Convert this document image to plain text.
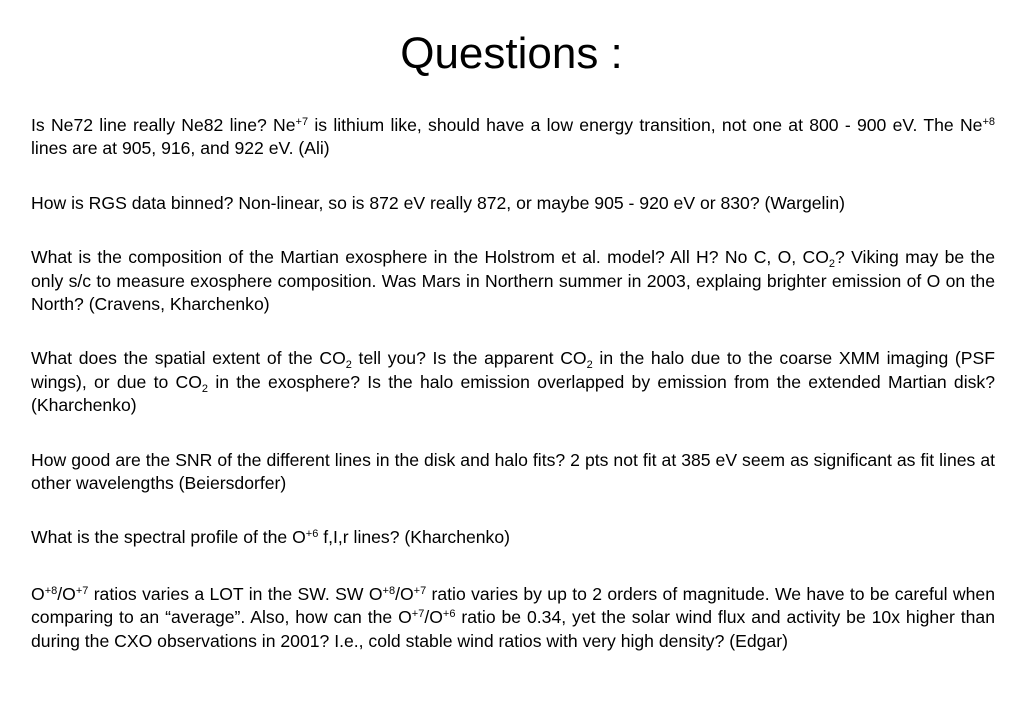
Questions :

Is Ne72 line really Ne82 line? $Ne^{+7}$ is lithium like, should have a low energy transition, not one at 800 - 900 eV. The $Ne^{+8}$ lines are at 905, 916, and 922 eV. (Ali)

How is RGS data binned? Non-linear, so is 872 eV really 872, or maybe 905 - 920 eV or 830? (Wargelin)

What is the composition of the Martian exosphere in the Holstrom et al. model? All H? No C, O, $CO_2$? Viking may be the only s/c to measure exosphere composition. Was Mars in Northern summer in 2003, explaing brighter emission of O on the North? (Cravens, Kharchenko)

What does the spatial extent of the $CO_2$ tell you? Is the apparent $CO_2$ in the halo due to the coarse XMM imaging (PSF wings), or due to $CO_2$ in the exosphere? Is the halo emission overlapped by emission from the extended Martian disk? (Kharchenko)

How good are the SNR of the different lines in the disk and halo fits? 2 pts not fit at 385 eV seem as significant as fit lines at other wavelengths (Beiersdorfer)

What is the spectral profile of the $O^{+6}$ f,I,r lines? (Kharchenko)

$O^{+8}/O^{+7}$ ratios varies a LOT in the SW. SW $O^{+8}/O^{+7}$ ratio varies by up to 2 orders of magnitude. We have to be careful when comparing to an “average”. Also, how can the $O^{+7}/O^{+6}$ ratio be 0.34, yet the solar wind flux and activity be 10x higher than during the CXO observations in 2001? I.e., cold stable wind ratios with very high density? (Edgar)
